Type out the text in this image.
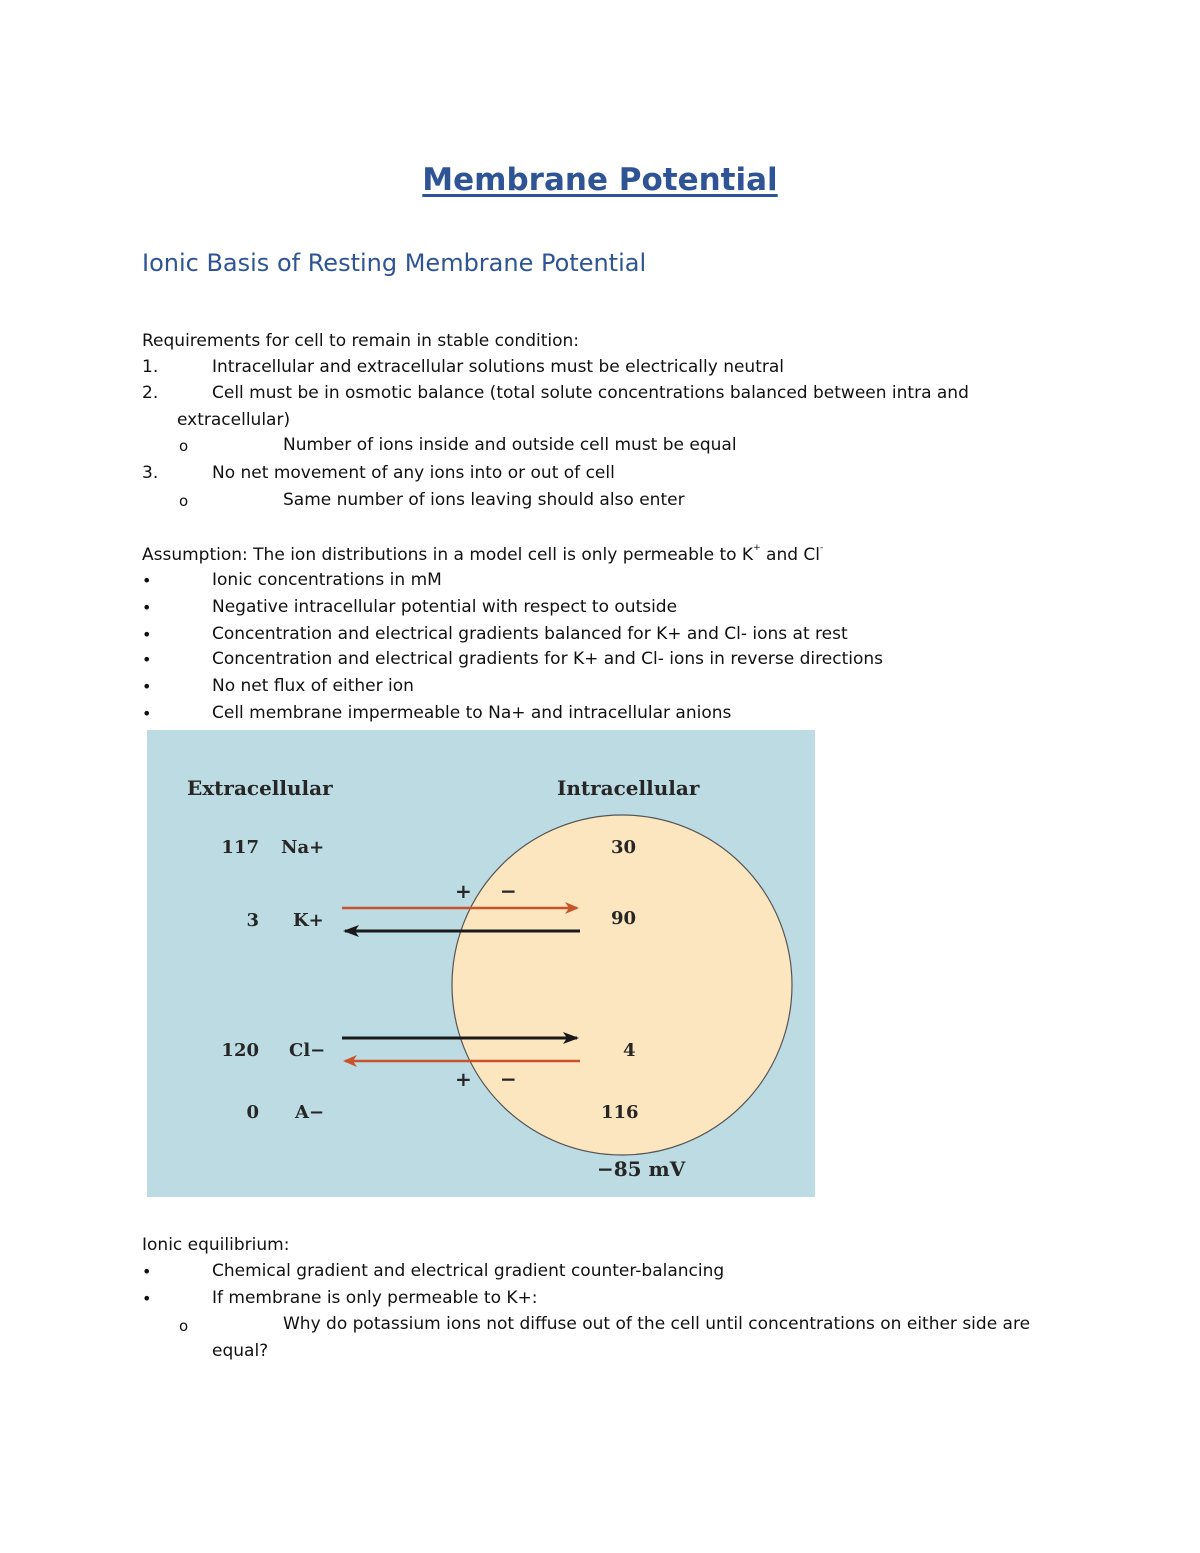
Membrane Potential
Ionic Basis of Resting Membrane Potential
Requirements for cell to remain in stable condition:
1.	Intracellular and extracellular solutions must be electrically neutral
2.	Cell must be in osmotic balance (total solute concentrations balanced between intra and
extracellular)
o	Number of ions inside and outside cell must be equal
3.	No net movement of any ions into or out of cell
o	Same number of ions leaving should also enter
Assumption: The ion distributions in a model cell is only permeable to K+ and Cl-
•	Ionic concentrations in mM
•	Negative intracellular potential with respect to outside
•	Concentration and electrical gradients balanced for K+ and Cl- ions at rest
•	Concentration and electrical gradients for K+ and Cl- ions in reverse directions
•	No net flux of either ion
•	Cell membrane impermeable to Na+ and intracellular anions
Extracellular	Intracellular
117 Na+	30
3 K+	90
+ −
120 Cl−	4
+ −
0 A−	116
−85 mV
Ionic equilibrium:
•	Chemical gradient and electrical gradient counter-balancing
•	If membrane is only permeable to K+:
o	Why do potassium ions not diffuse out of the cell until concentrations on either side are
equal?
